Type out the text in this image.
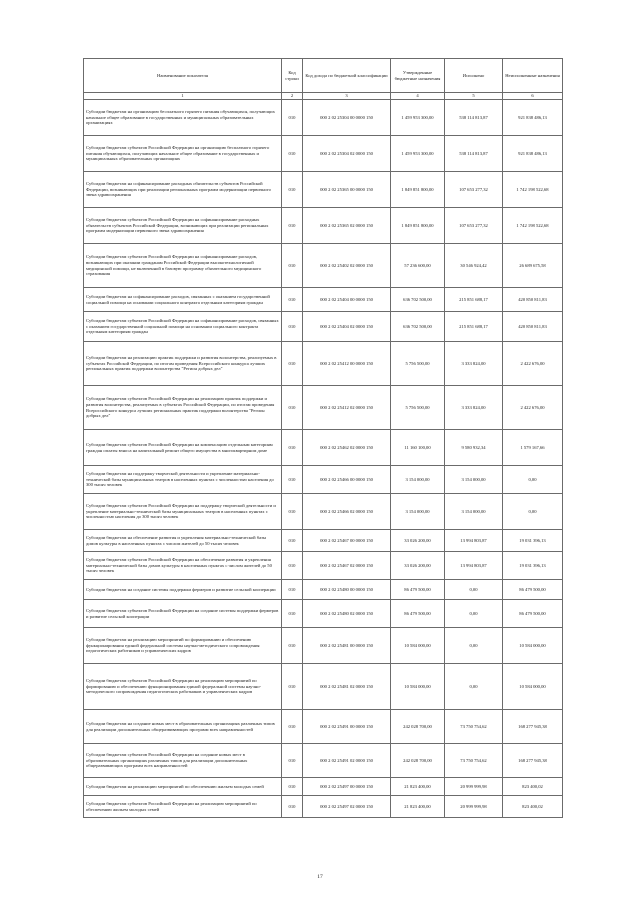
Наименование показателя	Код строки	Код дохода по бюджетной классификации	Утвержденные бюджетные назначения	Исполнено	Неисполненные назначения
1	2	3	4	5	6
Субсидии бюджетам на организацию бесплатного горячего питания обучающихся, получающих начальное общее образование в государственных и муниципальных образовательных организациях	010	000 2 02 25304 00 0000 150	1 459 953 300,00	538 114 813,87	921 838 486,13
Субсидии бюджетам субъектов Российской Федерации на организацию бесплатного горячего питания обучающихся, получающих начальное общее образование в государственных и муниципальных образовательных организациях	010	000 2 02 25304 02 0000 150	1 459 953 300,00	538 114 813,87	921 838 486,13
Субсидии бюджетам на софинансирование расходных обязательств субъектов Российской Федерации, возникающих при реализации региональных программ модернизации первичного звена здравоохранения	010	000 2 02 25365 00 0000 150	1 849 851 800,00	107 653 277,32	1 742 198 522,68
Субсидии бюджетам субъектов Российской Федерации на софинансирование расходных обязательств субъектов Российской Федерации, возникающих при реализации региональных программ модернизации первичного звена здравоохранения	010	000 2 02 25365 02 0000 150	1 849 851 800,00	107 653 277,32	1 742 198 522,68
Субсидии бюджетам субъектов Российской Федерации на софинансирование расходов, возникающих при оказании гражданам Российской Федерации высокотехнологичной медицинской помощи, не включенной в базовую программу обязательного медицинского страхования	010	000 2 02 25402 02 0000 150	57 236 600,00	30 546 924,42	26 689 675,58
Субсидии бюджетам на софинансирование расходов, связанных с оказанием государственной социальной помощи на основании социального контракта отдельным категориям граждан	010	000 2 02 25404 00 0000 150	636 702 500,00	215 851 688,17	420 850 811,83
Субсидии бюджетам субъектов Российской Федерации на софинансирование расходов, связанных с оказанием государственной социальной помощи на основании социального контракта отдельным категориям граждан	010	000 2 02 25404 02 0000 150	636 702 500,00	215 851 688,17	420 850 811,83
Субсидии бюджетам на реализацию практик поддержки и развития волонтерства, реализуемых в субъектах Российской Федерации, по итогам проведения Всероссийского конкурса лучших региональных практик поддержки волонтерства "Регион добрых дел"	010	000 2 02 25412 00 0000 150	5 756 500,00	3 333 824,00	2 422 676,00
Субсидии бюджетам субъектов Российской Федерации на реализацию практик поддержки и развития волонтерства, реализуемых в субъектах Российской Федерации, по итогам проведения Всероссийского конкурса лучших региональных практик поддержки волонтерства "Регион добрых дел"	010	000 2 02 25412 02 0000 150	5 756 500,00	3 333 824,00	2 422 676,00
Субсидии бюджетам субъектов Российской Федерации на компенсацию отдельным категориям граждан оплаты взноса на капитальный ремонт общего имущества в многоквартирном доме	010	000 2 02 25462 02 0000 150	11 160 100,00	9 580 932,34	1 579 167,66
Субсидии бюджетам на поддержку творческой деятельности и укрепление материально-технической базы муниципальных театров в населенных пунктах с численностью населения до 300 тысяч человек	010	000 2 02 25466 00 0000 150	3 154 000,00	3 154 000,00	0,00
Субсидии бюджетам субъектов Российской Федерации на поддержку творческой деятельности и укрепление материально-технической базы муниципальных театров в населенных пунктах с численностью населения до 300 тысяч человек	010	000 2 02 25466 02 0000 150	3 154 000,00	3 154 000,00	0,00
Субсидии бюджетам на обеспечение развития и укрепления материально-технической базы домов культуры в населенных пунктах с числом жителей до 50 тысяч человек	010	000 2 02 25467 00 0000 150	33 026 200,00	13 994 803,87	19 031 396,13
Субсидии бюджетам субъектов Российской Федерации на обеспечение развития и укрепления материально-технической базы домов культуры в населенных пунктах с числом жителей до 50 тысяч человек	010	000 2 02 25467 02 0000 150	33 026 200,00	13 994 803,87	19 031 396,13
Субсидии бюджетам на создание системы поддержки фермеров и развитие сельской кооперации	010	000 2 02 25480 00 0000 150	86 479 500,00	0,00	86 479 500,00
Субсидии бюджетам субъектов Российской Федерации на создание системы поддержки фермеров и развитие сельской кооперации	010	000 2 02 25480 02 0000 150	86 479 500,00	0,00	86 479 500,00
Субсидии бюджетам на реализацию мероприятий по формированию и обеспечению функционирования единой федеральной системы научно-методического сопровождения педагогических работников и управленческих кадров	010	000 2 02 25481 00 0000 150	10 584 000,00	0,00	10 584 000,00
Субсидии бюджетам субъектов Российской Федерации на реализацию мероприятий по формированию и обеспечению функционирования единой федеральной системы научно-методического сопровождения педагогических работников и управленческих кадров	010	000 2 02 25481 02 0000 150	10 584 000,00	0,00	10 584 000,00
Субсидии бюджетам на создание новых мест в образовательных организациях различных типов для реализации дополнительных общеразвивающих программ всех направленностей	010	000 2 02 25491 00 0000 150	242 028 700,00	73 750 754,62	168 277 945,38
Субсидии бюджетам субъектов Российской Федерации на создание новых мест в образовательных организациях различных типов для реализации дополнительных общеразвивающих программ всех направленностей	010	000 2 02 25491 02 0000 150	242 028 700,00	73 750 754,62	168 277 945,38
Субсидии бюджетам на реализацию мероприятий по обеспечению жильем молодых семей	010	000 2 02 25497 00 0000 150	21 823 400,00	20 999 999,98	823 400,02
Субсидии бюджетам субъектов Российской Федерации на реализацию мероприятий по обеспечению жильем молодых семей	010	000 2 02 25497 02 0000 150	21 823 400,00	20 999 999,98	823 400,02
17
